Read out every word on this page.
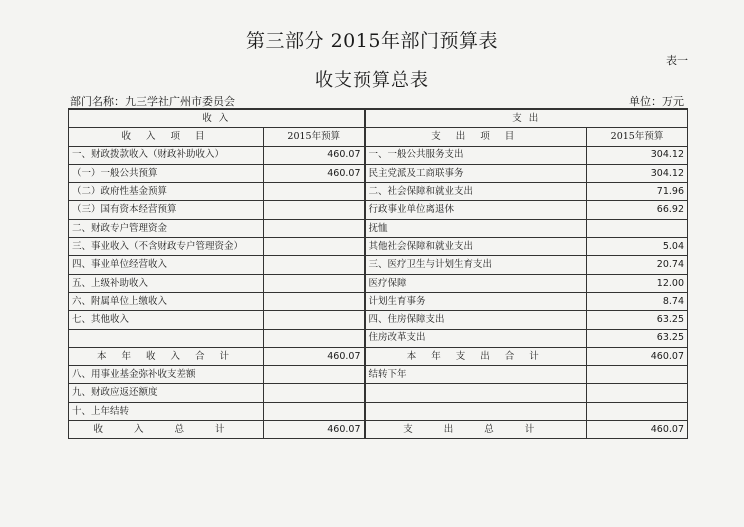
第三部分 2015年部门预算表
表一
收支预算总表
部门名称：九三学社广州市委员会	单位：万元
收 入		支 出	
收 入 项 目	2015年预算	支 出 项 目	2015年预算
一、财政拨款收入（财政补助收入）	460.07	一、一般公共服务支出	304.12
（一）一般公共预算	460.07	民主党派及工商联事务	304.12
（二）政府性基金预算		二、社会保障和就业支出	71.96
（三）国有资本经营预算		行政事业单位离退休	66.92
二、财政专户管理资金		抚恤	
三、事业收入（不含财政专户管理资金）		其他社会保障和就业支出	5.04
四、事业单位经营收入		三、医疗卫生与计划生育支出	20.74
五、上级补助收入		医疗保障	12.00
六、附属单位上缴收入		计划生育事务	8.74
七、其他收入		四、住房保障支出	63.25
		住房改革支出	63.25
本 年 收 入 合 计	460.07	本 年 支 出 合 计	460.07
八、用事业基金弥补收支差额		结转下年	
九、财政应返还额度			
十、上年结转			
收 入 总 计	460.07	支 出 总 计	460.07
